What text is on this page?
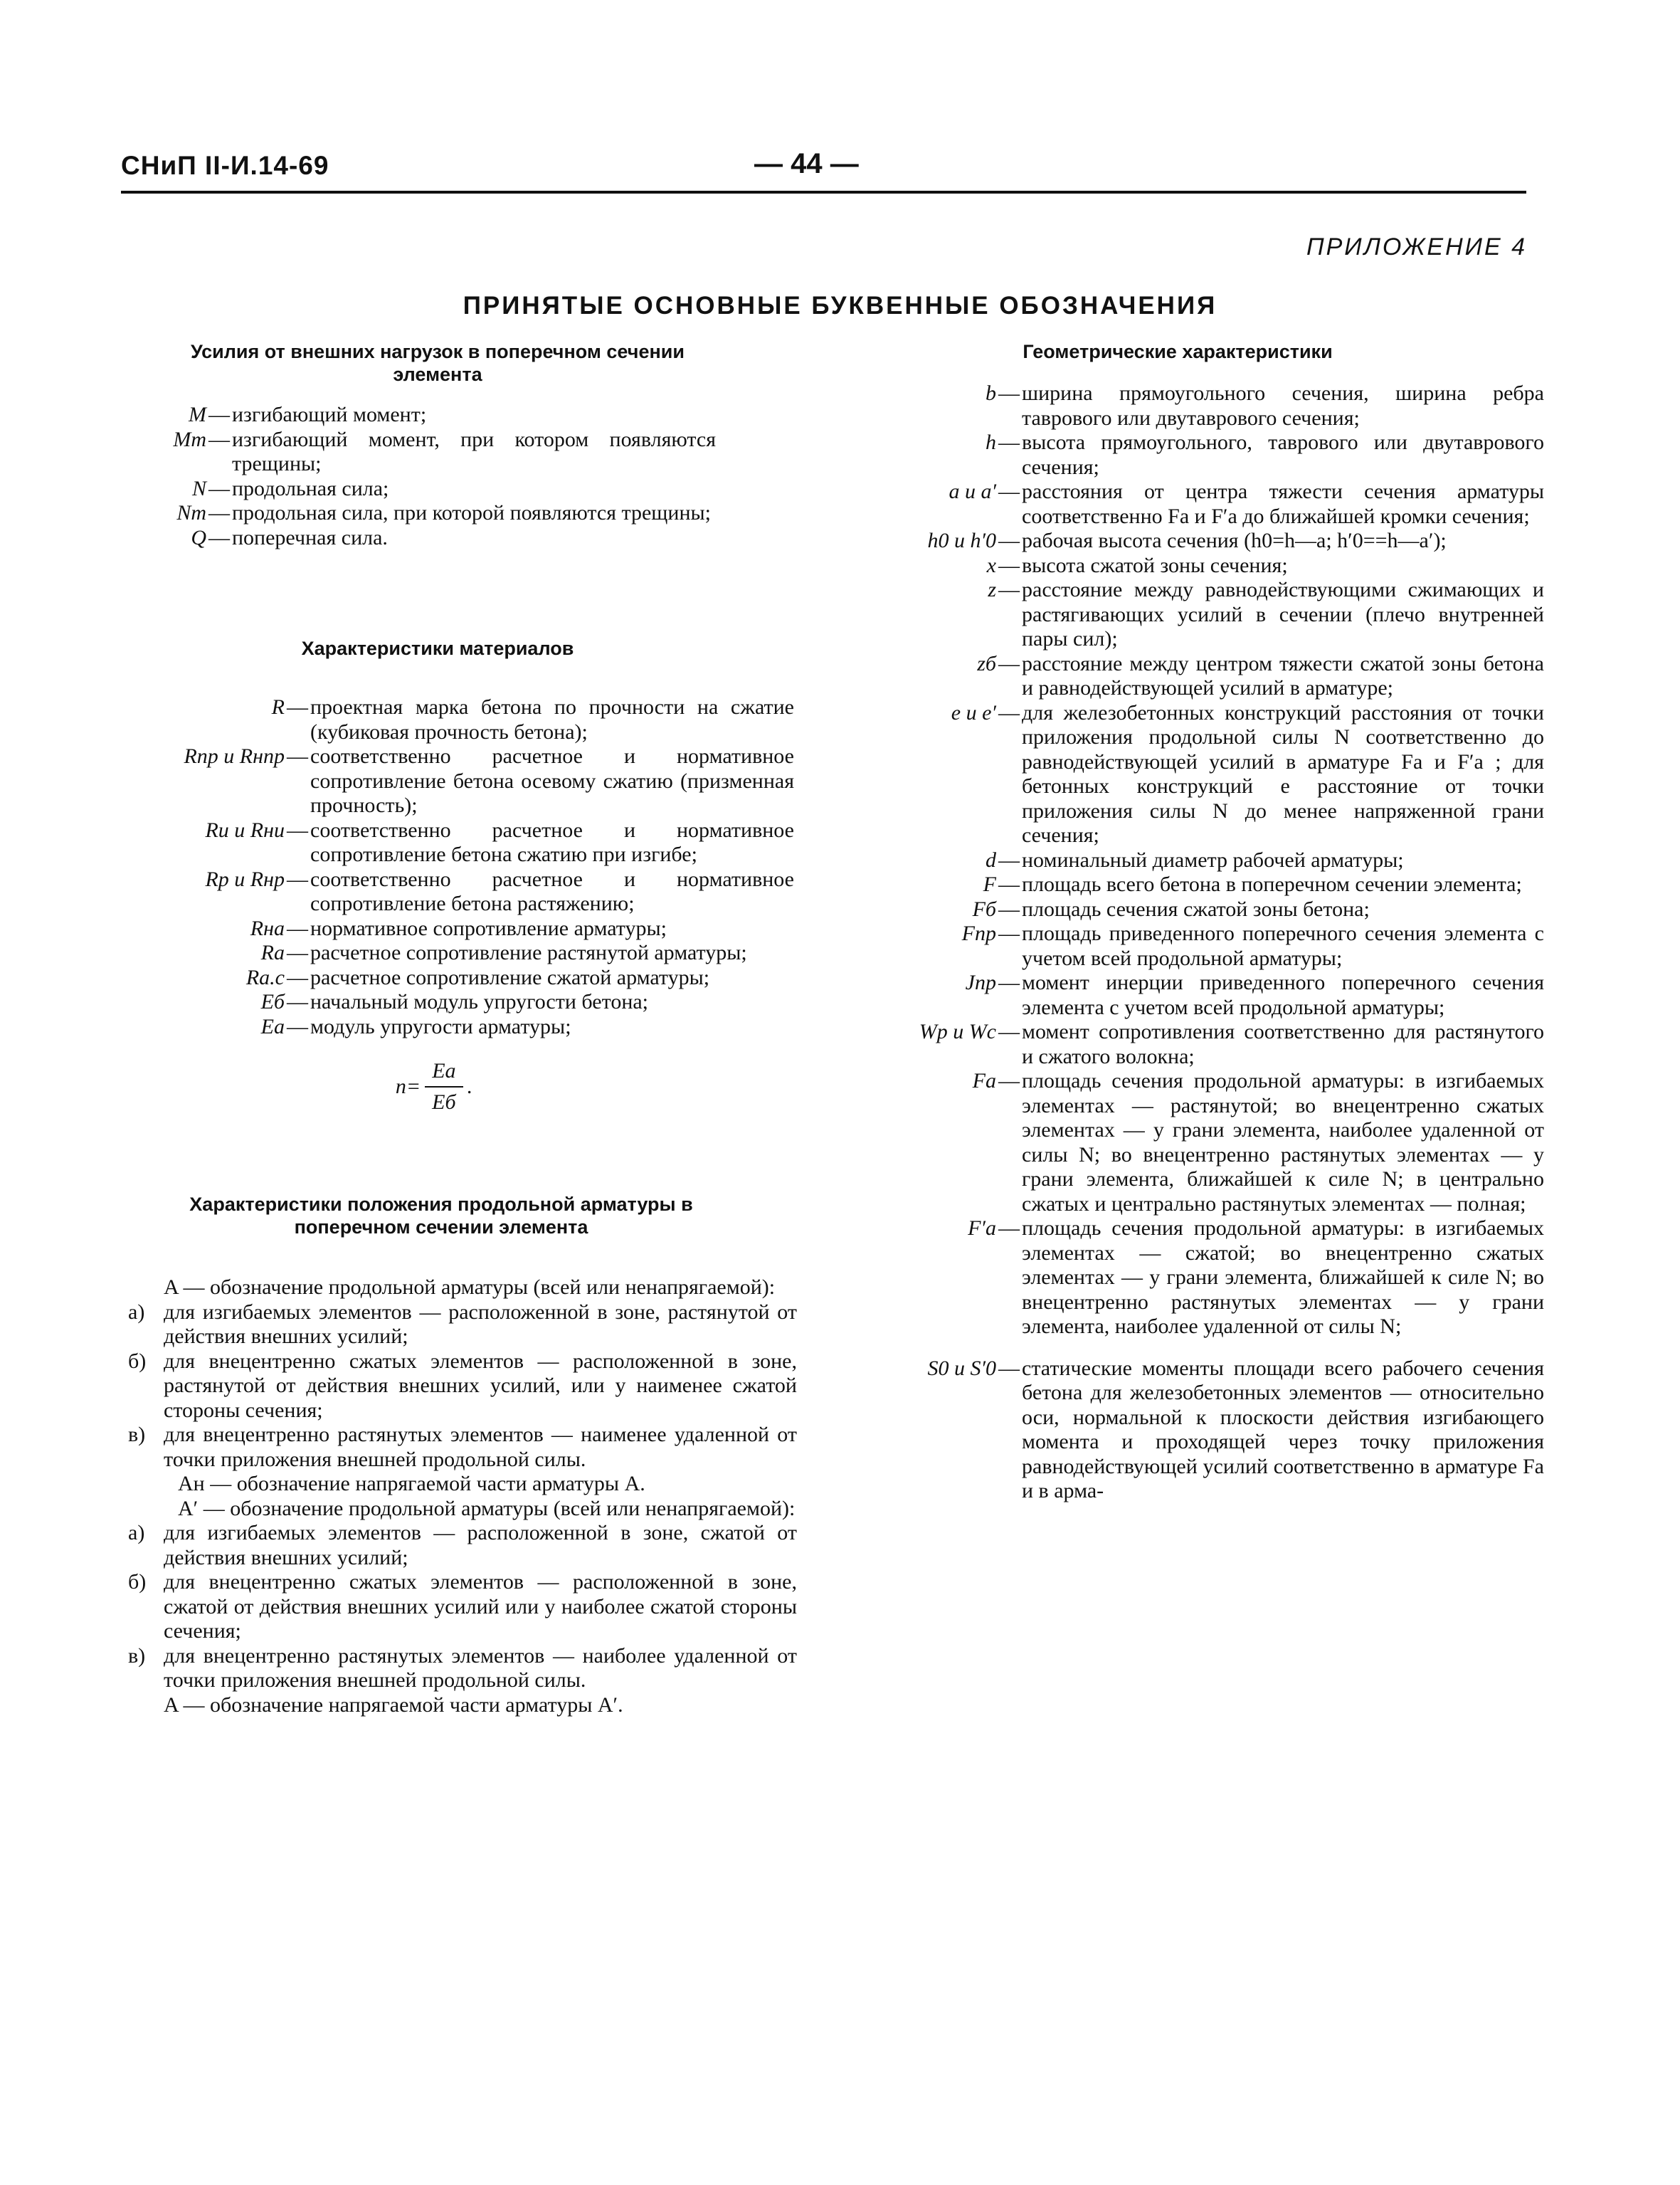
СНиП II-И.14-69	— 44 —
ПРИЛОЖЕНИЕ 4
ПРИНЯТЫЕ ОСНОВНЫЕ БУКВЕННЫЕ ОБОЗНАЧЕНИЯ
Усилия от внешних нагрузок в поперечном сечении элемента
M — изгибающий момент;
Mт — изгибающий момент, при котором появляются трещины;
N — продольная сила;
Nт — продольная сила, при которой появляются трещины;
Q — поперечная сила.
Характеристики материалов
R — проектная марка бетона по прочности на сжатие (кубиковая прочность бетона);
Rпр и Rнпр — соответственно расчетное и нормативное сопротивление бетона осевому сжатию (призменная прочность);
Rи и Rни — соответственно расчетное и нормативное сопротивление бетона сжатию при изгибе;
Rр и Rнр — соответственно расчетное и нормативное сопротивление бетона растяжению;
Rна — нормативное сопротивление арматуры;
Rа — расчетное сопротивление растянутой арматуры;
Rа.с — расчетное сопротивление сжатой арматуры;
Eб — начальный модуль упругости бетона;
Eа — модуль упругости арматуры;
$n= \frac{Eа}{Eб}$ .
Характеристики положения продольной арматуры в поперечном сечении элемента

A — обозначение продольной арматуры (всей или ненапрягаемой):

а) для изгибаемых элементов — расположенной в зоне, растянутой от действия внешних усилий;
б) для внецентренно сжатых элементов — расположенной в зоне, растянутой от действия внешних усилий, или у наименее сжатой стороны сечения;
в) для внецентренно растянутых элементов — наименее удаленной от точки приложения внешней продольной силы.

Aн — обозначение напрягаемой части арматуры A.

A′ — обозначение продольной арматуры (всей или ненапрягаемой):

а) для изгибаемых элементов — расположенной в зоне, сжатой от действия внешних усилий;
б) для внецентренно сжатых элементов — расположенной в зоне, сжатой от действия внешних усилий или у наиболее сжатой стороны сечения;
в) для внецентренно растянутых элементов — наиболее удаленной от точки приложения внешней продольной силы.

A — обозначение напрягаемой части арматуры A′.

Геометрические характеристики
b — ширина прямоугольного сечения, ширина ребра таврового или двутаврового сечения;
h — высота прямоугольного, таврового или двутаврового сечения;
a и a′ — расстояния от центра тяжести сечения арматуры соответственно Fa и F′a до ближайшей кромки сечения;
h0 и h′0 — рабочая высота сечения (h0=h—a; h′0==h—a′);
x — высота сжатой зоны сечения;
z — расстояние между равнодействующими сжимающих и растягивающих усилий в сечении (плечо внутренней пары сил);
zб — расстояние между центром тяжести сжатой зоны бетона и равнодействующей усилий в арматуре;
e и e′ — для железобетонных конструкций расстояния от точки приложения продольной силы N соответственно до равнодействующей усилий в арматуре Fa и F′a ; для бетонных конструкций e расстояние от точки приложения силы N до менее напряженной грани сечения;
d — номинальный диаметр рабочей арматуры;
F — площадь всего бетона в поперечном сечении элемента;
Fб — площадь сечения сжатой зоны бетона;
Fпр — площадь приведенного поперечного сечения элемента с учетом всей продольной арматуры;
Jпр — момент инерции приведенного поперечного сечения элемента с учетом всей продольной арматуры;
Wр и Wс — момент сопротивления соответственно для растянутого и сжатого волокна;
Fа — площадь сечения продольной арматуры: в изгибаемых элементах — растянутой; во внецентренно сжатых элементах — у грани элемента, наиболее удаленной от силы N; во внецентренно растянутых элементах — у грани элемента, ближайшей к силе N; в центрально сжатых и центрально растянутых элементах — полная;
F′а — площадь сечения продольной арматуры: в изгибаемых элементах — сжатой; во внецентренно сжатых элементах — у грани элемента, ближайшей к силе N; во внецентренно растянутых элементах — у грани элемента, наиболее удаленной от силы N;
S0 и S′0 — статические моменты площади всего рабочего сечения бетона для железобетонных элементов — относительно оси, нормальной к плоскости действия изгибающего момента и проходящей через точку приложения равнодействующей усилий соответственно в арматуре Fа и в арма-
